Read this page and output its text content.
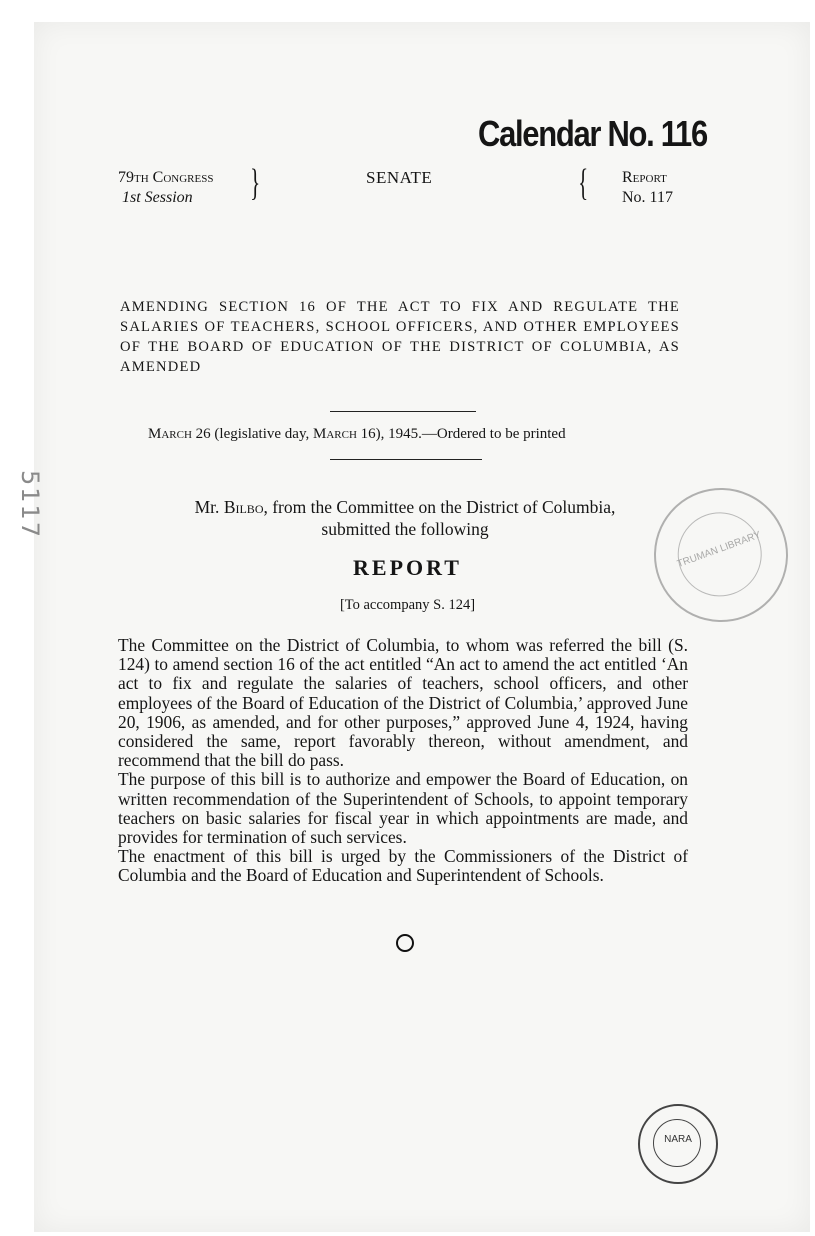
Calendar No. 116
79th Congress
1st Session	}	SENATE	{ Report
No. 117
AMENDING SECTION 16 OF THE ACT TO FIX AND REGULATE THE SALARIES OF TEACHERS, SCHOOL OFFICERS, AND OTHER EMPLOYEES OF THE BOARD OF EDUCATION OF THE DISTRICT OF COLUMBIA, AS AMENDED
March 26 (legislative day, March 16), 1945.—Ordered to be printed
Mr. Bilbo, from the Committee on the District of Columbia,
submitted the following
REPORT
[To accompany S. 124]

The Committee on the District of Columbia, to whom was referred the bill (S. 124) to amend section 16 of the act entitled “An act to amend the act entitled ‘An act to fix and regulate the salaries of teachers, school officers, and other employees of the Board of Education of the District of Columbia,’ approved June 20, 1906, as amended, and for other purposes,” approved June 4, 1924, having considered the same, report favorably thereon, without amendment, and recommend that the bill do pass.

The purpose of this bill is to authorize and empower the Board of Education, on written recommendation of the Superintendent of Schools, to appoint temporary teachers on basic salaries for fiscal year in which appointments are made, and provides for termination of such services.

The enactment of this bill is urged by the Commissioners of the District of Columbia and the Board of Education and Superintendent of Schools.

5117
TRUMAN LIBRARY
NARA
